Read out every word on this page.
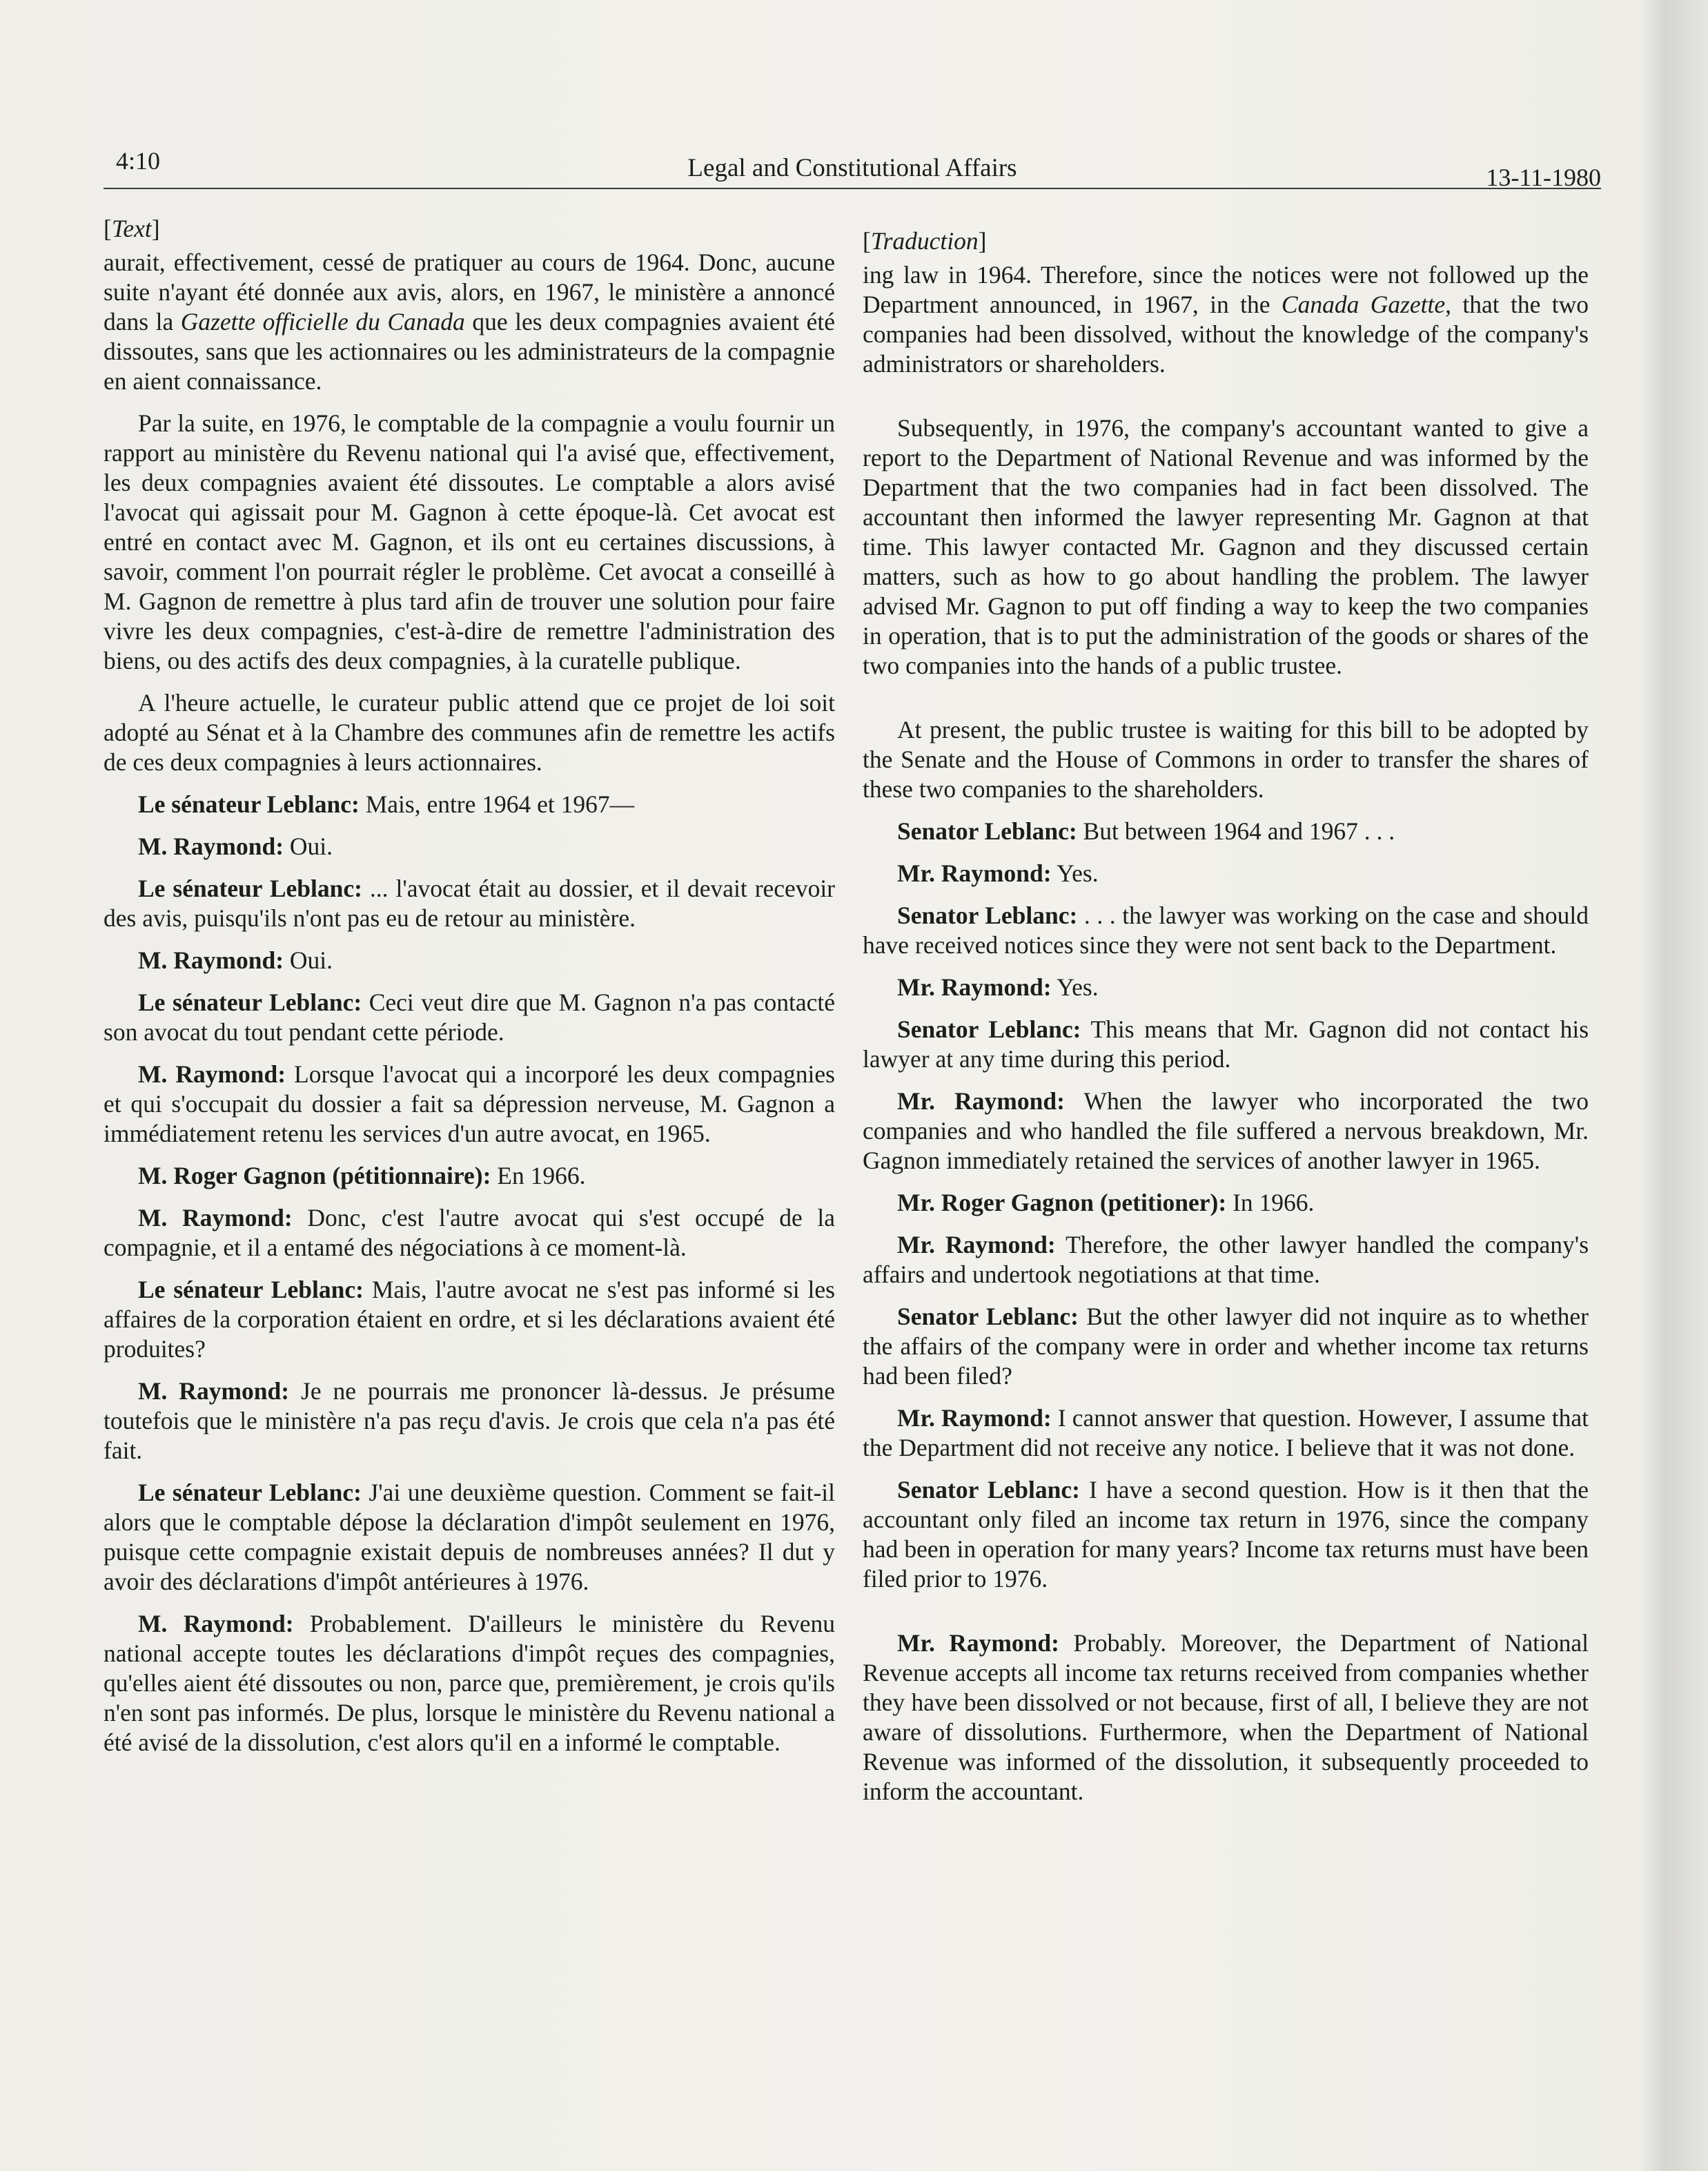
4:10	Legal and Constitutional Affairs	13-11-1980
[Text]

aurait, effectivement, cessé de pratiquer au cours de 1964. Donc, aucune suite n'ayant été donnée aux avis, alors, en 1967, le ministère a annoncé dans la Gazette officielle du Canada que les deux compagnies avaient été dissoutes, sans que les actionnaires ou les administrateurs de la compagnie en aient connaissance.

Par la suite, en 1976, le comptable de la compagnie a voulu fournir un rapport au ministère du Revenu national qui l'a avisé que, effectivement, les deux compagnies avaient été dissoutes. Le comptable a alors avisé l'avocat qui agissait pour M. Gagnon à cette époque-là. Cet avocat est entré en contact avec M. Gagnon, et ils ont eu certaines discussions, à savoir, comment l'on pourrait régler le problème. Cet avocat a conseillé à M. Gagnon de remettre à plus tard afin de trouver une solution pour faire vivre les deux compagnies, c'est-à-dire de remettre l'administration des biens, ou des actifs des deux compagnies, à la curatelle publique.

A l'heure actuelle, le curateur public attend que ce projet de loi soit adopté au Sénat et à la Chambre des communes afin de remettre les actifs de ces deux compagnies à leurs actionnaires.

Le sénateur Leblanc: Mais, entre 1964 et 1967—

M. Raymond: Oui.

Le sénateur Leblanc: ... l'avocat était au dossier, et il devait recevoir des avis, puisqu'ils n'ont pas eu de retour au ministère.

M. Raymond: Oui.

Le sénateur Leblanc: Ceci veut dire que M. Gagnon n'a pas contacté son avocat du tout pendant cette période.

M. Raymond: Lorsque l'avocat qui a incorporé les deux compagnies et qui s'occupait du dossier a fait sa dépression nerveuse, M. Gagnon a immédiatement retenu les services d'un autre avocat, en 1965.

M. Roger Gagnon (pétitionnaire): En 1966.

M. Raymond: Donc, c'est l'autre avocat qui s'est occupé de la compagnie, et il a entamé des négociations à ce moment-là.

Le sénateur Leblanc: Mais, l'autre avocat ne s'est pas informé si les affaires de la corporation étaient en ordre, et si les déclarations avaient été produites?

M. Raymond: Je ne pourrais me prononcer là-dessus. Je présume toutefois que le ministère n'a pas reçu d'avis. Je crois que cela n'a pas été fait.

Le sénateur Leblanc: J'ai une deuxième question. Comment se fait-il alors que le comptable dépose la déclaration d'impôt seulement en 1976, puisque cette compagnie existait depuis de nombreuses années? Il dut y avoir des déclarations d'impôt antérieures à 1976.

M. Raymond: Probablement. D'ailleurs le ministère du Revenu national accepte toutes les déclarations d'impôt reçues des compagnies, qu'elles aient été dissoutes ou non, parce que, premièrement, je crois qu'ils n'en sont pas informés. De plus, lorsque le ministère du Revenu national a été avisé de la dissolution, c'est alors qu'il en a informé le comptable.

[Traduction]

ing law in 1964. Therefore, since the notices were not followed up the Department announced, in 1967, in the Canada Gazette, that the two companies had been dissolved, without the knowledge of the company's administrators or shareholders.

Subsequently, in 1976, the company's accountant wanted to give a report to the Department of National Revenue and was informed by the Department that the two companies had in fact been dissolved. The accountant then informed the lawyer representing Mr. Gagnon at that time. This lawyer contacted Mr. Gagnon and they discussed certain matters, such as how to go about handling the problem. The lawyer advised Mr. Gagnon to put off finding a way to keep the two companies in operation, that is to put the administration of the goods or shares of the two companies into the hands of a public trustee.

At present, the public trustee is waiting for this bill to be adopted by the Senate and the House of Commons in order to transfer the shares of these two companies to the shareholders.

Senator Leblanc: But between 1964 and 1967 . . .

Mr. Raymond: Yes.

Senator Leblanc: . . . the lawyer was working on the case and should have received notices since they were not sent back to the Department.

Mr. Raymond: Yes.

Senator Leblanc: This means that Mr. Gagnon did not contact his lawyer at any time during this period.

Mr. Raymond: When the lawyer who incorporated the two companies and who handled the file suffered a nervous breakdown, Mr. Gagnon immediately retained the services of another lawyer in 1965.

Mr. Roger Gagnon (petitioner): In 1966.

Mr. Raymond: Therefore, the other lawyer handled the company's affairs and undertook negotiations at that time.

Senator Leblanc: But the other lawyer did not inquire as to whether the affairs of the company were in order and whether income tax returns had been filed?

Mr. Raymond: I cannot answer that question. However, I assume that the Department did not receive any notice. I believe that it was not done.

Senator Leblanc: I have a second question. How is it then that the accountant only filed an income tax return in 1976, since the company had been in operation for many years? Income tax returns must have been filed prior to 1976.

Mr. Raymond: Probably. Moreover, the Department of National Revenue accepts all income tax returns received from companies whether they have been dissolved or not because, first of all, I believe they are not aware of dissolutions. Furthermore, when the Department of National Revenue was informed of the dissolution, it subsequently proceeded to inform the accountant.
